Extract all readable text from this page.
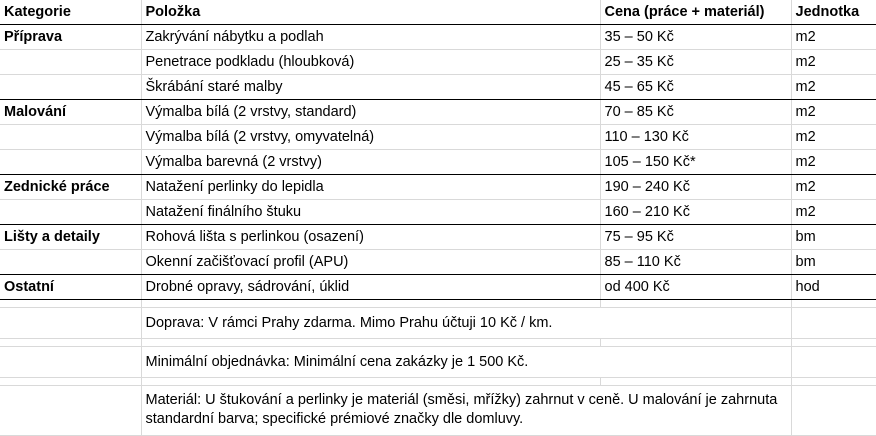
Kategorie	Položka	Cena (práce + materiál)	Jednotka
Příprava	Zakrývání nábytku a podlah	35 – 50 Kč	m2
	Penetrace podkladu (hloubková)	25 – 35 Kč	m2
	Škrábání staré malby	45 – 65 Kč	m2
Malování	Výmalba bílá (2 vrstvy, standard)	70 – 85 Kč	m2
	Výmalba bílá (2 vrstvy, omyvatelná)	110 – 130 Kč	m2
	Výmalba barevná (2 vrstvy)	105 – 150 Kč*	m2
Zednické práce	Natažení perlinky do lepidla	190 – 240 Kč	m2
	Natažení finálního štuku	160 – 210 Kč	m2
Lišty a detaily	Rohová lišta s perlinkou (osazení)	75 – 95 Kč	bm
	Okenní začišťovací profil (APU)	85 – 110 Kč	bm
Ostatní	Drobné opravy, sádrování, úklid	od 400 Kč	hod

	Doprava: V rámci Prahy zdarma. Mimo Prahu účtuji 10 Kč / km.		

	Minimální objednávka: Minimální cena zakázky je 1 500 Kč.		

	Materiál: U štukování a perlinky je materiál (směsi, mřížky) zahrnut v ceně. U malování je zahrnuta standardní barva; specifické prémiové značky dle domluvy.		
